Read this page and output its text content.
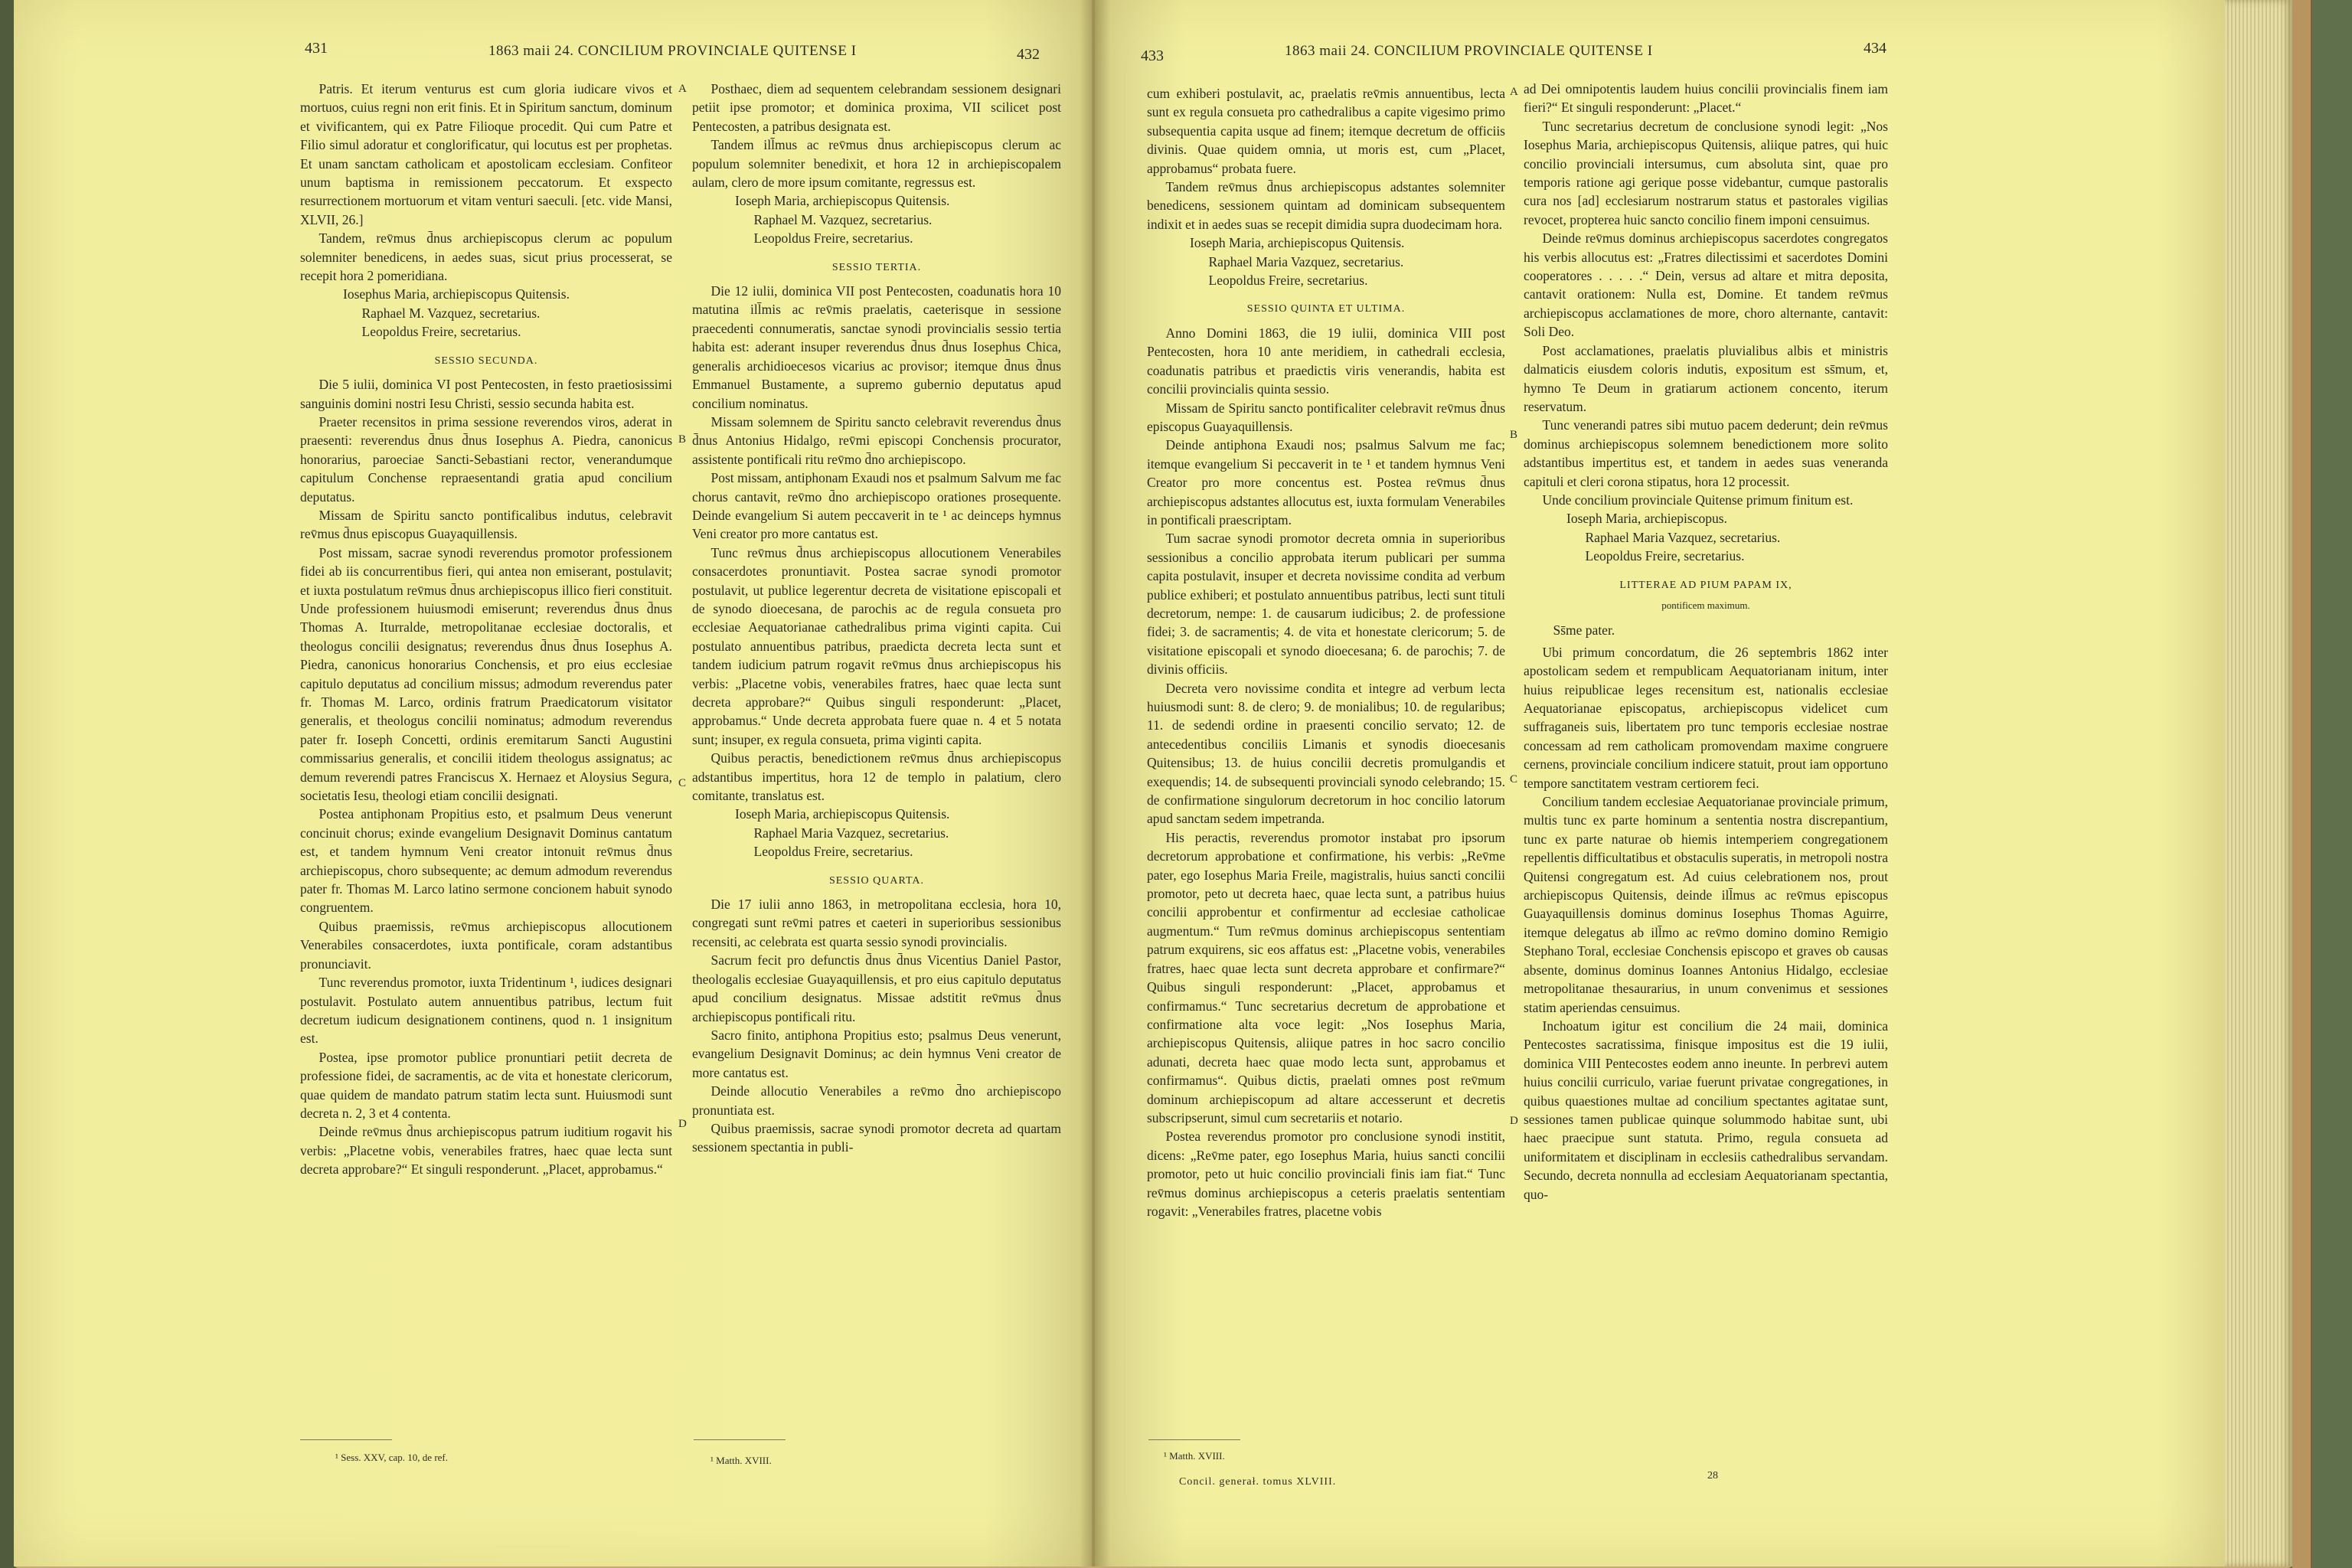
431	1863 maii 24. CONCILIUM PROVINCIALE QUITENSE I	432

Patris. Et iterum venturus est cum gloria iudicare vivos et mortuos, cuius regni non erit finis. Et in Spiritum sanctum, dominum et vivificantem, qui ex Patre Filioque procedit. Qui cum Patre et Filio simul adoratur et conglorificatur, qui locutus est per prophetas. Et unam sanctam catholicam et apostolicam ecclesiam. Confiteor unum baptisma in remissionem peccatorum. Et exspecto resurrectionem mortuorum et vitam venturi saeculi. [etc. vide Mansi, XLVII, 26.]

Tandem, rev̄mus d̄nus archiepiscopus clerum ac populum solemniter benedicens, in aedes suas, sicut prius processerat, se recepit hora 2 pomeridiana.

Iosephus Maria, archiepiscopus Quitensis.

Raphael M. Vazquez, secretarius.

Leopoldus Freire, secretarius.

SESSIO SECUNDA.

Die 5 iulii, dominica VI post Pentecosten, in festo praetiosissimi sanguinis domini nostri Iesu Christi, sessio secunda habita est.

Praeter recensitos in prima sessione reverendos viros, aderat in praesenti: reverendus d̄nus d̄nus Iosephus A. Piedra, canonicus honorarius, paroeciae Sancti-Sebastiani rector, venerandumque capitulum Conchense repraesentandi gratia apud concilium deputatus.

Missam de Spiritu sancto pontificalibus indutus, celebravit rev̄mus d̄nus episcopus Guayaquillensis.

Post missam, sacrae synodi reverendus promotor professionem fidei ab iis concurrentibus fieri, qui antea non emiserant, postulavit; et iuxta postulatum rev̄mus d̄nus archiepiscopus illico fieri constituit. Unde professionem huiusmodi emiserunt; reverendus d̄nus d̄nus Thomas A. Iturralde, metropolitanae ecclesiae doctoralis, et theologus concilii designatus; reverendus d̄nus d̄nus Iosephus A. Piedra, canonicus honorarius Conchensis, et pro eius ecclesiae capitulo deputatus ad concilium missus; admodum reverendus pater fr. Thomas M. Larco, ordinis fratrum Praedicatorum visitator generalis, et theologus concilii nominatus; admodum reverendus pater fr. Ioseph Concetti, ordinis eremitarum Sancti Augustini commissarius generalis, et concilii itidem theologus assignatus; ac demum reverendi patres Franciscus X. Hernaez et Aloysius Segura, societatis Iesu, theologi etiam concilii designati.

Postea antiphonam Propitius esto, et psalmum Deus venerunt concinuit chorus; exinde evangelium Designavit Dominus cantatum est, et tandem hymnum Veni creator intonuit rev̄mus d̄nus archiepiscopus, choro subsequente; ac demum admodum reverendus pater fr. Thomas M. Larco latino sermone concionem habuit synodo congruentem.

Quibus praemissis, rev̄mus archiepiscopus allocutionem Venerabiles consacerdotes, iuxta pontificale, coram adstantibus pronunciavit.

Tunc reverendus promotor, iuxta Tridentinum ¹, iudices designari postulavit. Postulato autem annuentibus patribus, lectum fuit decretum iudicum designationem continens, quod n. 1 insignitum est.

Postea, ipse promotor publice pronuntiari petiit decreta de professione fidei, de sacramentis, ac de vita et honestate clericorum, quae quidem de mandato patrum statim lecta sunt. Huiusmodi sunt decreta n. 2, 3 et 4 contenta.

Deinde rev̄mus d̄nus archiepiscopus patrum iuditium rogavit his verbis: „Placetne vobis, venerabiles fratres, haec quae lecta sunt decreta approbare?“ Et singuli responderunt. „Placet, approbamus.“

¹ Sess. XXV, cap. 10, de ref.
A
B
C
D

Posthaec, diem ad sequentem celebrandam sessionem designari petiit ipse promotor; et dominica proxima, VII scilicet post Pentecosten, a patribus designata est.

Tandem ill̄mus ac rev̄mus d̄nus archiepiscopus clerum ac populum solemniter benedixit, et hora 12 in archiepiscopalem aulam, clero de more ipsum comitante, regressus est.

Ioseph Maria, archiepiscopus Quitensis.

Raphael M. Vazquez, secretarius.

Leopoldus Freire, secretarius.

SESSIO TERTIA.

Die 12 iulii, dominica VII post Pentecosten, coadunatis hora 10 matutina ill̄mis ac rev̄mis praelatis, caeterisque in sessione praecedenti connumeratis, sanctae synodi provincialis sessio tertia habita est: aderant insuper reverendus d̄nus d̄nus Iosephus Chica, generalis archidioecesos vicarius ac provisor; itemque d̄nus d̄nus Emmanuel Bustamente, a supremo gubernio deputatus apud concilium nominatus.

Missam solemnem de Spiritu sancto celebravit reverendus d̄nus d̄nus Antonius Hidalgo, rev̄mi episcopi Conchensis procurator, assistente pontificali ritu rev̄mo d̄no archiepiscopo.

Post missam, antiphonam Exaudi nos et psalmum Salvum me fac chorus cantavit, rev̄mo d̄no archiepiscopo orationes prosequente. Deinde evangelium Si autem peccaverit in te ¹ ac deinceps hymnus Veni creator pro more cantatus est.

Tunc rev̄mus d̄nus archiepiscopus allocutionem Venerabiles consacerdotes pronuntiavit. Postea sacrae synodi promotor postulavit, ut publice legerentur decreta de visitatione episcopali et de synodo dioecesana, de parochis ac de regula consueta pro ecclesiae Aequatorianae cathedralibus prima viginti capita. Cui postulato annuentibus patribus, praedicta decreta lecta sunt et tandem iudicium patrum rogavit rev̄mus d̄nus archiepiscopus his verbis: „Placetne vobis, venerabiles fratres, haec quae lecta sunt decreta approbare?“ Quibus singuli responderunt: „Placet, approbamus.“ Unde decreta approbata fuere quae n. 4 et 5 notata sunt; insuper, ex regula consueta, prima viginti capita.

Quibus peractis, benedictionem rev̄mus d̄nus archiepiscopus adstantibus impertitus, hora 12 de templo in palatium, clero comitante, translatus est.

Ioseph Maria, archiepiscopus Quitensis.

Raphael Maria Vazquez, secretarius.

Leopoldus Freire, secretarius.

SESSIO QUARTA.

Die 17 iulii anno 1863, in metropolitana ecclesia, hora 10, congregati sunt rev̄mi patres et caeteri in superioribus sessionibus recensiti, ac celebrata est quarta sessio synodi provincialis.

Sacrum fecit pro defunctis d̄nus d̄nus Vicentius Daniel Pastor, theologalis ecclesiae Guayaquillensis, et pro eius capitulo deputatus apud concilium designatus. Missae adstitit rev̄mus d̄nus archiepiscopus pontificali ritu.

Sacro finito, antiphona Propitius esto; psalmus Deus venerunt, evangelium Designavit Dominus; ac dein hymnus Veni creator de more cantatus est.

Deinde allocutio Venerabiles a rev̄mo d̄no archiepiscopo pronuntiata est.

Quibus praemissis, sacrae synodi promotor decreta ad quartam sessionem spectantia in publi-

¹ Matth. XVIII.
433	1863 maii 24. CONCILIUM PROVINCIALE QUITENSE I	434

cum exhiberi postulavit, ac, praelatis rev̄mis annuentibus, lecta sunt ex regula consueta pro cathedralibus a capite vigesimo primo subsequentia capita usque ad finem; itemque decretum de officiis divinis. Quae quidem omnia, ut moris est, cum „Placet, approbamus“ probata fuere.

Tandem rev̄mus d̄nus archiepiscopus adstantes solemniter benedicens, sessionem quintam ad dominicam subsequentem indixit et in aedes suas se recepit dimidia supra duodecimam hora.

Ioseph Maria, archiepiscopus Quitensis.

Raphael Maria Vazquez, secretarius.

Leopoldus Freire, secretarius.

SESSIO QUINTA ET ULTIMA.

Anno Domini 1863, die 19 iulii, dominica VIII post Pentecosten, hora 10 ante meridiem, in cathedrali ecclesia, coadunatis patribus et praedictis viris venerandis, habita est concilii provincialis quinta sessio.

Missam de Spiritu sancto pontificaliter celebravit rev̄mus d̄nus episcopus Guayaquillensis.

Deinde antiphona Exaudi nos; psalmus Salvum me fac; itemque evangelium Si peccaverit in te ¹ et tandem hymnus Veni Creator pro more concentus est. Postea rev̄mus d̄nus archiepiscopus adstantes allocutus est, iuxta formulam Venerabiles in pontificali praescriptam.

Tum sacrae synodi promotor decreta omnia in superioribus sessionibus a concilio approbata iterum publicari per summa capita postulavit, insuper et decreta novissime condita ad verbum publice exhiberi; et postulato annuentibus patribus, lecti sunt tituli decretorum, nempe: 1. de causarum iudicibus; 2. de professione fidei; 3. de sacramentis; 4. de vita et honestate clericorum; 5. de visitatione episcopali et synodo dioecesana; 6. de parochis; 7. de divinis officiis.

Decreta vero novissime condita et integre ad verbum lecta huiusmodi sunt: 8. de clero; 9. de monialibus; 10. de regularibus; 11. de sedendi ordine in praesenti concilio servato; 12. de antecedentibus conciliis Limanis et synodis dioecesanis Quitensibus; 13. de huius concilii decretis promulgandis et exequendis; 14. de subsequenti provinciali synodo celebrando; 15. de confirmatione singulorum decretorum in hoc concilio latorum apud sanctam sedem impetranda.

His peractis, reverendus promotor instabat pro ipsorum decretorum approbatione et confirmatione, his verbis: „Rev̄me pater, ego Iosephus Maria Freile, magistralis, huius sancti concilii promotor, peto ut decreta haec, quae lecta sunt, a patribus huius concilii approbentur et confirmentur ad ecclesiae catholicae augmentum.“ Tum rev̄mus dominus archiepiscopus sententiam patrum exquirens, sic eos affatus est: „Placetne vobis, venerabiles fratres, haec quae lecta sunt decreta approbare et confirmare?“ Quibus singuli responderunt: „Placet, approbamus et confirmamus.“ Tunc secretarius decretum de approbatione et confirmatione alta voce legit: „Nos Iosephus Maria, archiepiscopus Quitensis, aliique patres in hoc sacro concilio adunati, decreta haec quae modo lecta sunt, approbamus et confirmamus“. Quibus dictis, praelati omnes post rev̄mum dominum archiepiscopum ad altare accesserunt et decretis subscripserunt, simul cum secretariis et notario.

Postea reverendus promotor pro conclusione synodi institit, dicens: „Rev̄me pater, ego Iosephus Maria, huius sancti concilii promotor, peto ut huic concilio provinciali finis iam fiat.“ Tunc rev̄mus dominus archiepiscopus a ceteris praelatis sententiam rogavit: „Venerabiles fratres, placetne vobis

¹ Matth. XVIII.
Concil. generał. tomus XLVIII.
A
B
C
D

ad Dei omnipotentis laudem huius concilii provincialis finem iam fieri?“ Et singuli responderunt: „Placet.“

Tunc secretarius decretum de conclusione synodi legit: „Nos Iosephus Maria, archiepiscopus Quitensis, aliique patres, qui huic concilio provinciali intersumus, cum absoluta sint, quae pro temporis ratione agi gerique posse videbantur, cumque pastoralis cura nos [ad] ecclesiarum nostrarum status et pastorales vigilias revocet, propterea huic sancto concilio finem imponi censuimus.

Deinde rev̄mus dominus archiepiscopus sacerdotes congregatos his verbis allocutus est: „Fratres dilectissimi et sacerdotes Domini cooperatores . . . . .“ Dein, versus ad altare et mitra deposita, cantavit orationem: Nulla est, Domine. Et tandem rev̄mus archiepiscopus acclamationes de more, choro alternante, cantavit: Soli Deo.

Post acclamationes, praelatis pluvialibus albis et ministris dalmaticis eiusdem coloris indutis, expositum est ss̄mum, et, hymno Te Deum in gratiarum actionem concento, iterum reservatum.

Tunc venerandi patres sibi mutuo pacem dederunt; dein rev̄mus dominus archiepiscopus solemnem benedictionem more solito adstantibus impertitus est, et tandem in aedes suas veneranda capituli et cleri corona stipatus, hora 12 processit.

Unde concilium provinciale Quitense primum finitum est.

Ioseph Maria, archiepiscopus.

Raphael Maria Vazquez, secretarius.

Leopoldus Freire, secretarius.

LITTERAE AD PIUM PAPAM IX,

pontificem maximum.

Ss̄me pater.

Ubi primum concordatum, die 26 septembris 1862 inter apostolicam sedem et rempublicam Aequatorianam initum, inter huius reipublicae leges recensitum est, nationalis ecclesiae Aequatorianae episcopatus, archiepiscopus videlicet cum suffraganeis suis, libertatem pro tunc temporis ecclesiae nostrae concessam ad rem catholicam promovendam maxime congruere cernens, provinciale concilium indicere statuit, prout iam opportuno tempore sanctitatem vestram certiorem feci.

Concilium tandem ecclesiae Aequatorianae provinciale primum, multis tunc ex parte hominum a sententia nostra discrepantium, tunc ex parte naturae ob hiemis intemperiem congregationem repellentis difficultatibus et obstaculis superatis, in metropoli nostra Quitensi congregatum est. Ad cuius celebrationem nos, prout archiepiscopus Quitensis, deinde ill̄mus ac rev̄mus episcopus Guayaquillensis dominus dominus Iosephus Thomas Aguirre, itemque delegatus ab ill̄mo ac rev̄mo domino domino Remigio Stephano Toral, ecclesiae Conchensis episcopo et graves ob causas absente, dominus dominus Ioannes Antonius Hidalgo, ecclesiae metropolitanae thesaurarius, in unum convenimus et sessiones statim aperiendas censuimus.

Inchoatum igitur est concilium die 24 maii, dominica Pentecostes sacratissima, finisque impositus est die 19 iulii, dominica VIII Pentecostes eodem anno ineunte. In perbrevi autem huius concilii curriculo, variae fuerunt privatae congregationes, in quibus quaestiones multae ad concilium spectantes agitatae sunt, sessiones tamen publicae quinque solummodo habitae sunt, ubi haec praecipue sunt statuta. Primo, regula consueta ad uniformitatem et disciplinam in ecclesiis cathedralibus servandam. Secundo, decreta nonnulla ad ecclesiam Aequatorianam spectantia, quo-

28
